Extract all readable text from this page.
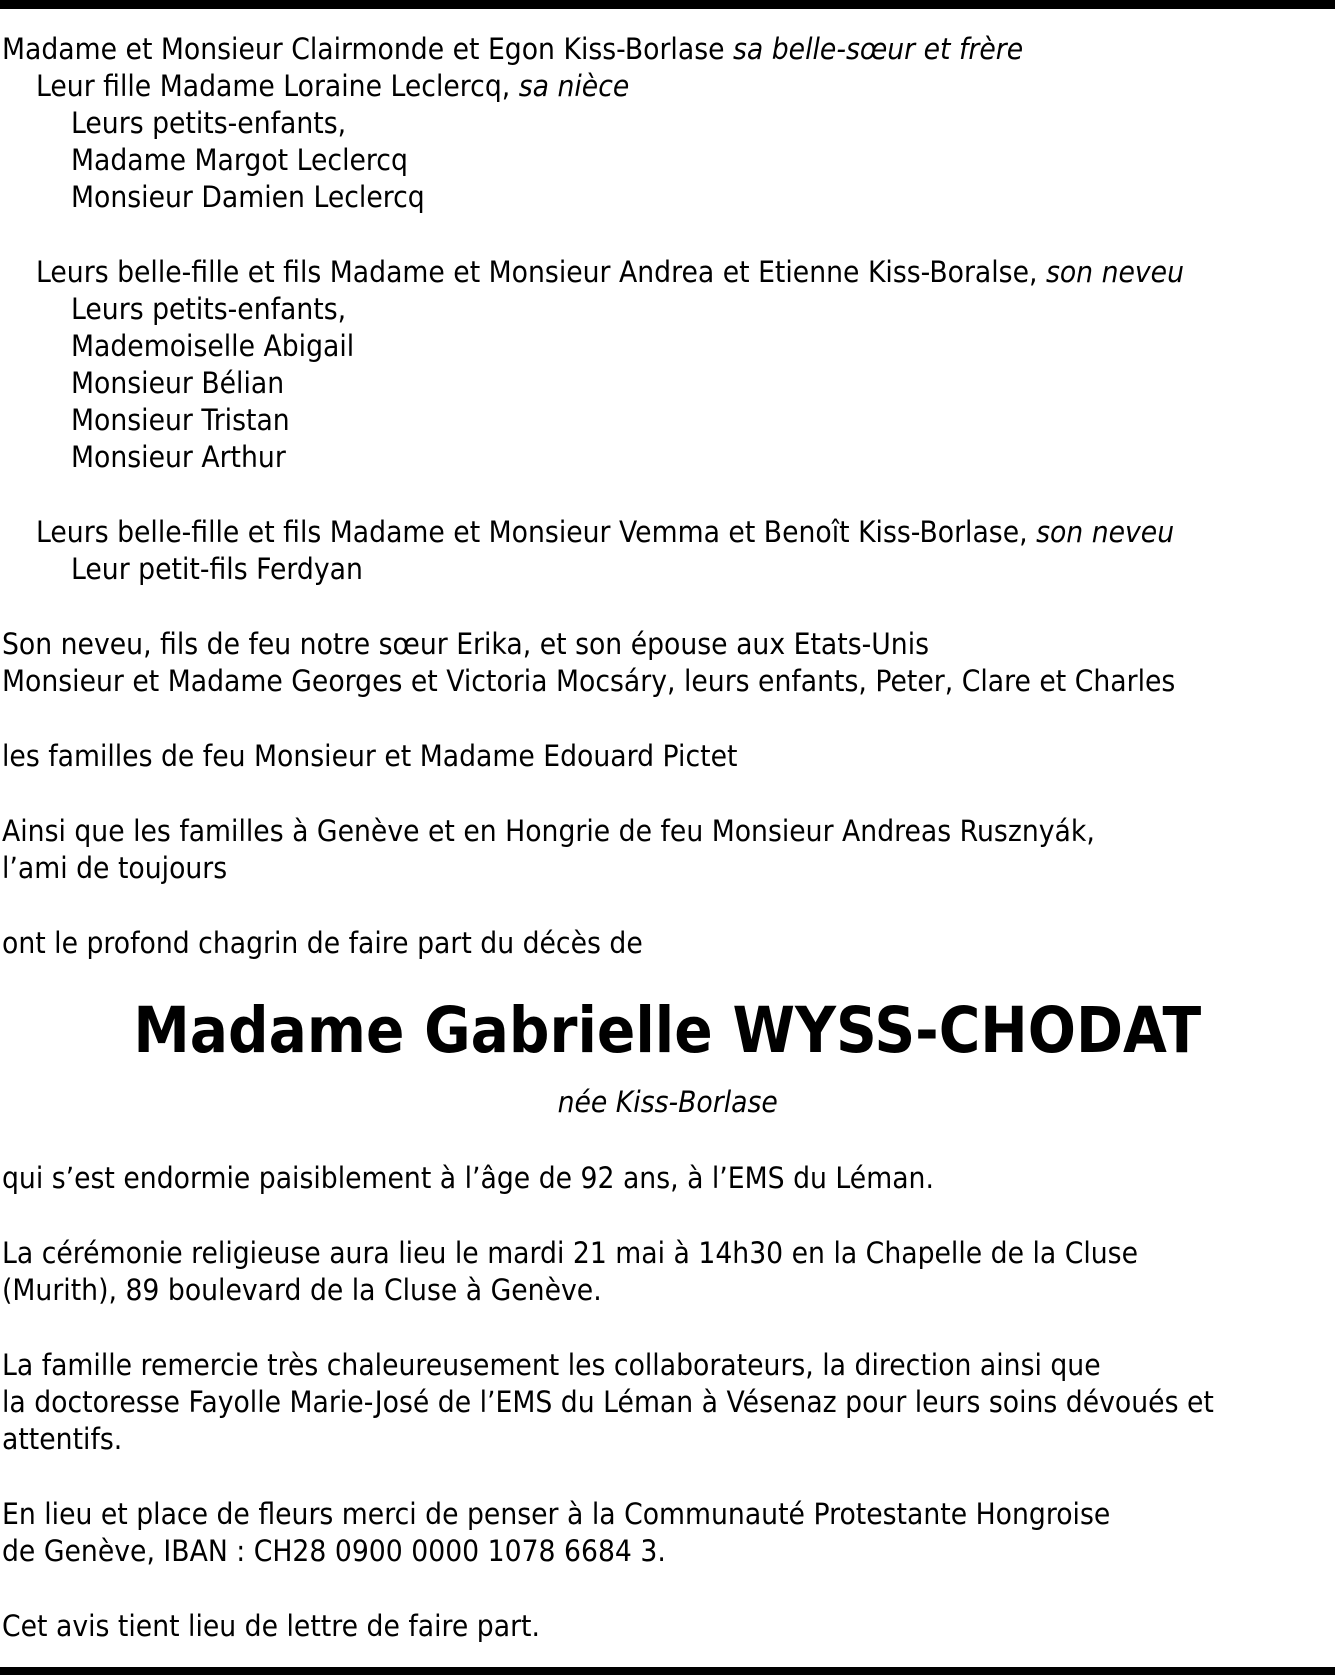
Madame et Monsieur Clairmonde et Egon Kiss-Borlase sa belle-sœur et frère
Leur fille Madame Loraine Leclercq, sa nièce
Leurs petits-enfants,
Madame Margot Leclercq
Monsieur Damien Leclercq
Leurs belle-fille et fils Madame et Monsieur Andrea et Etienne Kiss-Boralse, son neveu
Leurs petits-enfants,
Mademoiselle Abigail
Monsieur Bélian
Monsieur Tristan
Monsieur Arthur
Leurs belle-fille et fils Madame et Monsieur Vemma et Benoît Kiss-Borlase, son neveu
Leur petit-fils Ferdyan
Son neveu, fils de feu notre sœur Erika, et son épouse aux Etats-Unis
Monsieur et Madame Georges et Victoria Mocsáry, leurs enfants, Peter, Clare et Charles
les familles de feu Monsieur et Madame Edouard Pictet
Ainsi que les familles à Genève et en Hongrie de feu Monsieur Andreas Rusznyák,
l’ami de toujours
ont le profond chagrin de faire part du décès de
Madame Gabrielle WYSS-CHODAT
née Kiss-Borlase
qui s’est endormie paisiblement à l’âge de 92 ans, à l’EMS du Léman.
La cérémonie religieuse aura lieu le mardi 21 mai à 14h30 en la Chapelle de la Cluse
(Murith), 89 boulevard de la Cluse à Genève.
La famille remercie très chaleureusement les collaborateurs, la direction ainsi que
la doctoresse Fayolle Marie-José de l’EMS du Léman à Vésenaz pour leurs soins dévoués et
attentifs.
En lieu et place de fleurs merci de penser à la Communauté Protestante Hongroise
de Genève, IBAN : CH28 0900 0000 1078 6684 3.
Cet avis tient lieu de lettre de faire part.
